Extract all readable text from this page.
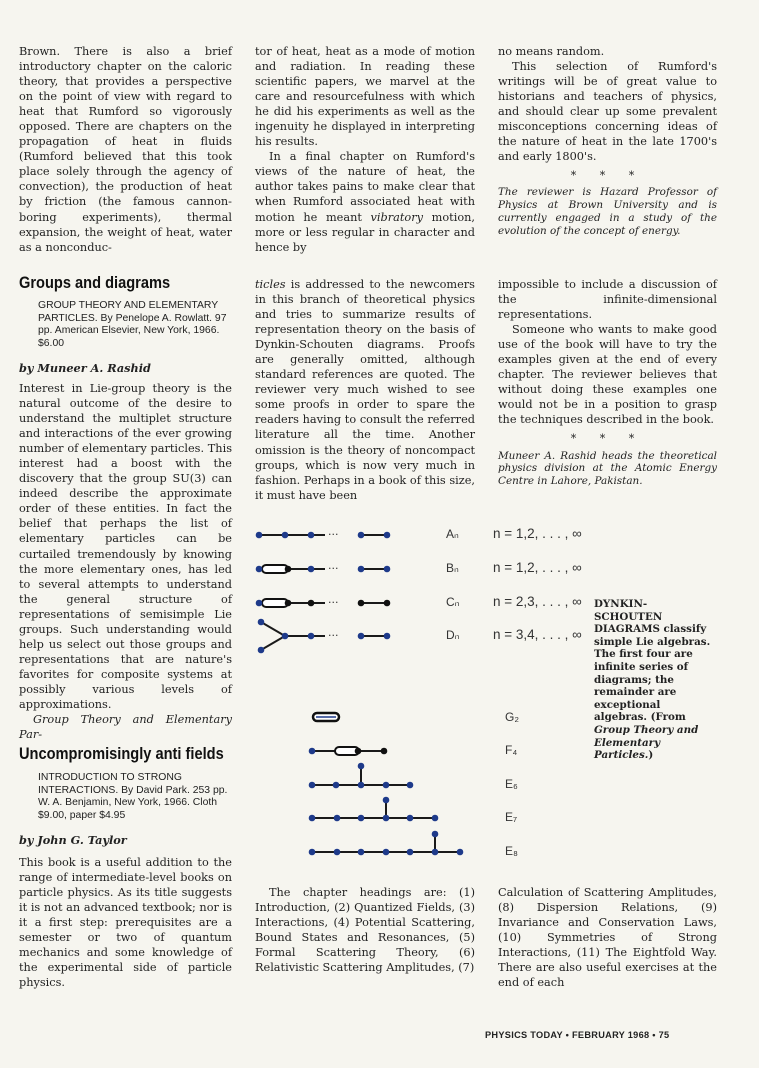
Brown. There is also a brief introductory chapter on the caloric theory, that provides a perspective on the point of view with regard to heat that Rumford so vigorously opposed. There are chapters on the propagation of heat in fluids (Rumford believed that this took place solely through the agency of convection), the production of heat by friction (the famous cannon-boring experiments), thermal expansion, the weight of heat, water as a nonconduc-

tor of heat, heat as a mode of motion and radiation. In reading these scientific papers, we marvel at the care and resourcefulness with which he did his experiments as well as the ingenuity he displayed in interpreting his results.

In a final chapter on Rumford's views of the nature of heat, the author takes pains to make clear that when Rumford associated heat with motion he meant vibratory motion, more or less regular in character and hence by

no means random.

This selection of Rumford's writings will be of great value to historians and teachers of physics, and should clear up some prevalent misconceptions concerning ideas of the nature of heat in the late 1700's and early 1800's.

* * *

The reviewer is Hazard Professor of Physics at Brown University and is currently engaged in a study of the evolution of the concept of energy.

Groups and diagrams
GROUP THEORY AND ELEMENTARY PARTICLES. By Penelope A. Rowlatt. 97 pp. American Elsevier, New York, 1966. $6.00
by Muneer A. Rashid

Interest in Lie-group theory is the natural outcome of the desire to understand the multiplet structure and interactions of the ever growing number of elementary particles. This interest had a boost with the discovery that the group SU(3) can indeed describe the approximate order of these entities. In fact the belief that perhaps the list of elementary particles can be curtailed tremendously by knowing the more elementary ones, has led to several attempts to understand the general structure of representations of semisimple Lie groups. Such understanding would help us select out those groups and representations that are nature's favorites for composite systems at possibly various levels of approximations.

Group Theory and Elementary Par-

ticles is addressed to the newcomers in this branch of theoretical physics and tries to summarize results of representation theory on the basis of Dynkin-Schouten diagrams. Proofs are generally omitted, although standard references are quoted. The reviewer very much wished to see some proofs in order to spare the readers having to consult the referred literature all the time. Another omission is the theory of noncompact groups, which is now very much in fashion. Perhaps in a book of this size, it must have been

impossible to include a discussion of the infinite-dimensional representations.

Someone who wants to make good use of the book will have to try the examples given at the end of every chapter. The reviewer believes that without doing these examples one would not be in a position to grasp the techniques described in the book.

* * *

Muneer A. Rashid heads the theoretical physics division at the Atomic Energy Centre in Lahore, Pakistan.

···
···
···
···
Aₙ
Bₙ
Cₙ
Dₙ
n = 1,2, . . . , ∞
n = 1,2, . . . , ∞
n = 2,3, . . . , ∞
n = 3,4, . . . , ∞
G₂
F₄
E₆
E₇
E₈
DYNKIN-SCHOUTEN DIAGRAMS classify simple Lie algebras. The first four are infinite series of diagrams; the remainder are exceptional algebras. (From Group Theory and Elementary Particles.)
Uncompromisingly anti fields
INTRODUCTION TO STRONG INTERACTIONS. By David Park. 253 pp. W. A. Benjamin, New York, 1966. Cloth $9.00, paper $4.95
by John G. Taylor

This book is a useful addition to the range of intermediate-level books on particle physics. As its title suggests it is not an advanced textbook; nor is it a first step: prerequisites are a semester or two of quantum mechanics and some knowledge of the experimental side of particle physics.

The chapter headings are: (1) Introduction, (2) Quantized Fields, (3) Interactions, (4) Potential Scattering, Bound States and Resonances, (5) Formal Scattering Theory, (6) Relativistic Scattering Amplitudes, (7)

Calculation of Scattering Amplitudes, (8) Dispersion Relations, (9) Invariance and Conservation Laws, (10) Symmetries of Strong Interactions, (11) The Eightfold Way. There are also useful exercises at the end of each

PHYSICS TODAY • FEBRUARY 1968 • 75
